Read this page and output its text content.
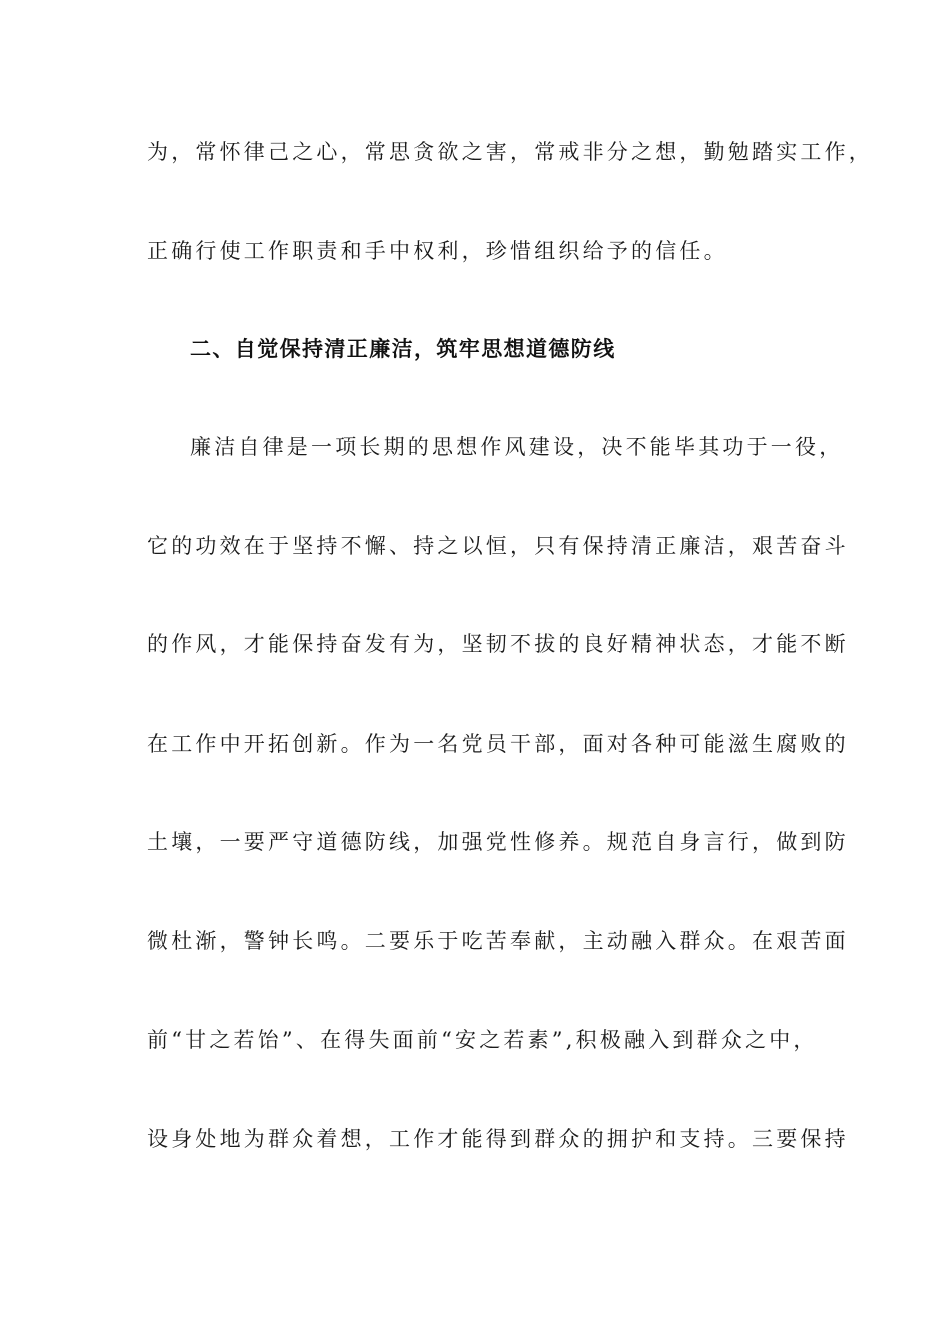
为，常怀律己之心，常思贪欲之害，常戒非分之想，勤勉踏实工作，
正确行使工作职责和手中权利，珍惜组织给予的信任。
二、自觉保持清正廉洁，筑牢思想道德防线
廉洁自律是一项长期的思想作风建设，决不能毕其功于一役，
它的功效在于坚持不懈、持之以恒，只有保持清正廉洁，艰苦奋斗
的作风，才能保持奋发有为，坚韧不拔的良好精神状态，才能不断
在工作中开拓创新。作为一名党员干部，面对各种可能滋生腐败的
土壤，一要严守道德防线，加强党性修养。规范自身言行，做到防
微杜渐，警钟长鸣。二要乐于吃苦奉献，主动融入群众。在艰苦面
前“甘之若饴”、在得失面前“安之若素”,积极融入到群众之中，
设身处地为群众着想，工作才能得到群众的拥护和支持。三要保持
